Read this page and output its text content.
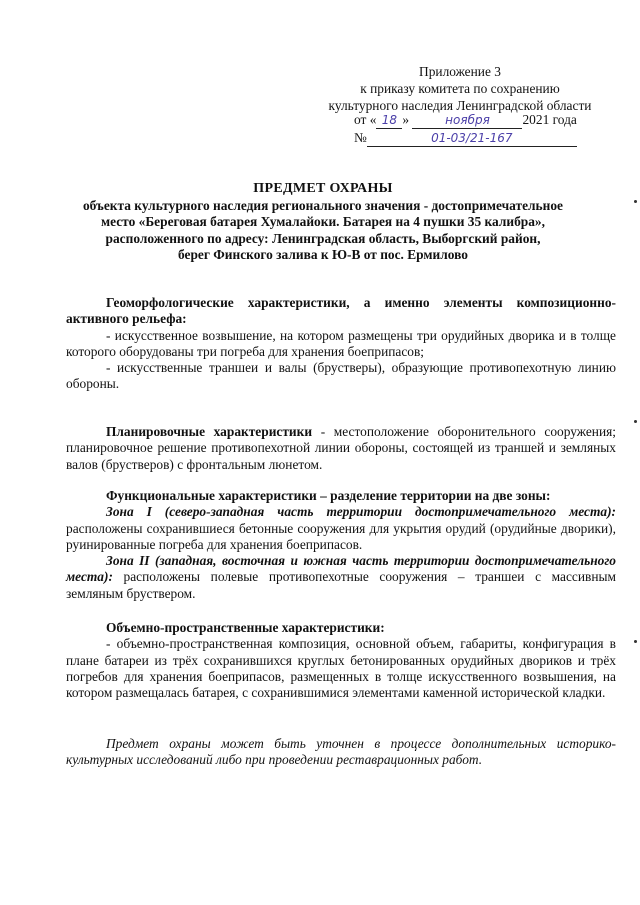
Приложение 3
к приказу комитета по сохранению
культурного наследия Ленинградской области
от « 18 »	ноября 2021 года
№	01-03/21-167
ПРЕДМЕТ ОХРАНЫ
объекта культурного наследия регионального значения - достопримечательное
место «Береговая батарея Хумалайоки. Батарея на 4 пушки 35 калибра»,
расположенного по адресу: Ленинградская область, Выборгский район,
берег Финского залива к Ю-В от пос. Ермилово

Геоморфологические характеристики, а именно элементы композиционно-активного рельефа:

- искусственное возвышение, на котором размещены три орудийных дворика и в толще которого оборудованы три погреба для хранения боеприпасов;

- искусственные траншеи и валы (брустверы), образующие противопехотную линию обороны.

Планировочные характеристики - местоположение оборонительного сооружения; планировочное решение противопехотной линии обороны, состоящей из траншей и земляных валов (брустверов) с фронтальным люнетом.

Функциональные характеристики – разделение территории на две зоны:

Зона I (северо-западная часть территории достопримечательного места): расположены сохранившиеся бетонные сооружения для укрытия орудий (орудийные дворики), руинированные погреба для хранения боеприпасов.

Зона II (западная, восточная и южная часть территории достопримечательного места): расположены полевые противопехотные сооружения – траншеи с массивным земляным бруствером.

Объемно-пространственные характеристики:

- объемно-пространственная композиция, основной объем, габариты, конфигурация в плане батареи из трёх сохранившихся круглых бетонированных орудийных двориков и трёх погребов для хранения боеприпасов, размещенных в толще искусственного возвышения, на котором размещалась батарея, с сохранившимися элементами каменной исторической кладки.

Предмет охраны может быть уточнен в процессе дополнительных историко-культурных исследований либо при проведении реставрационных работ.
